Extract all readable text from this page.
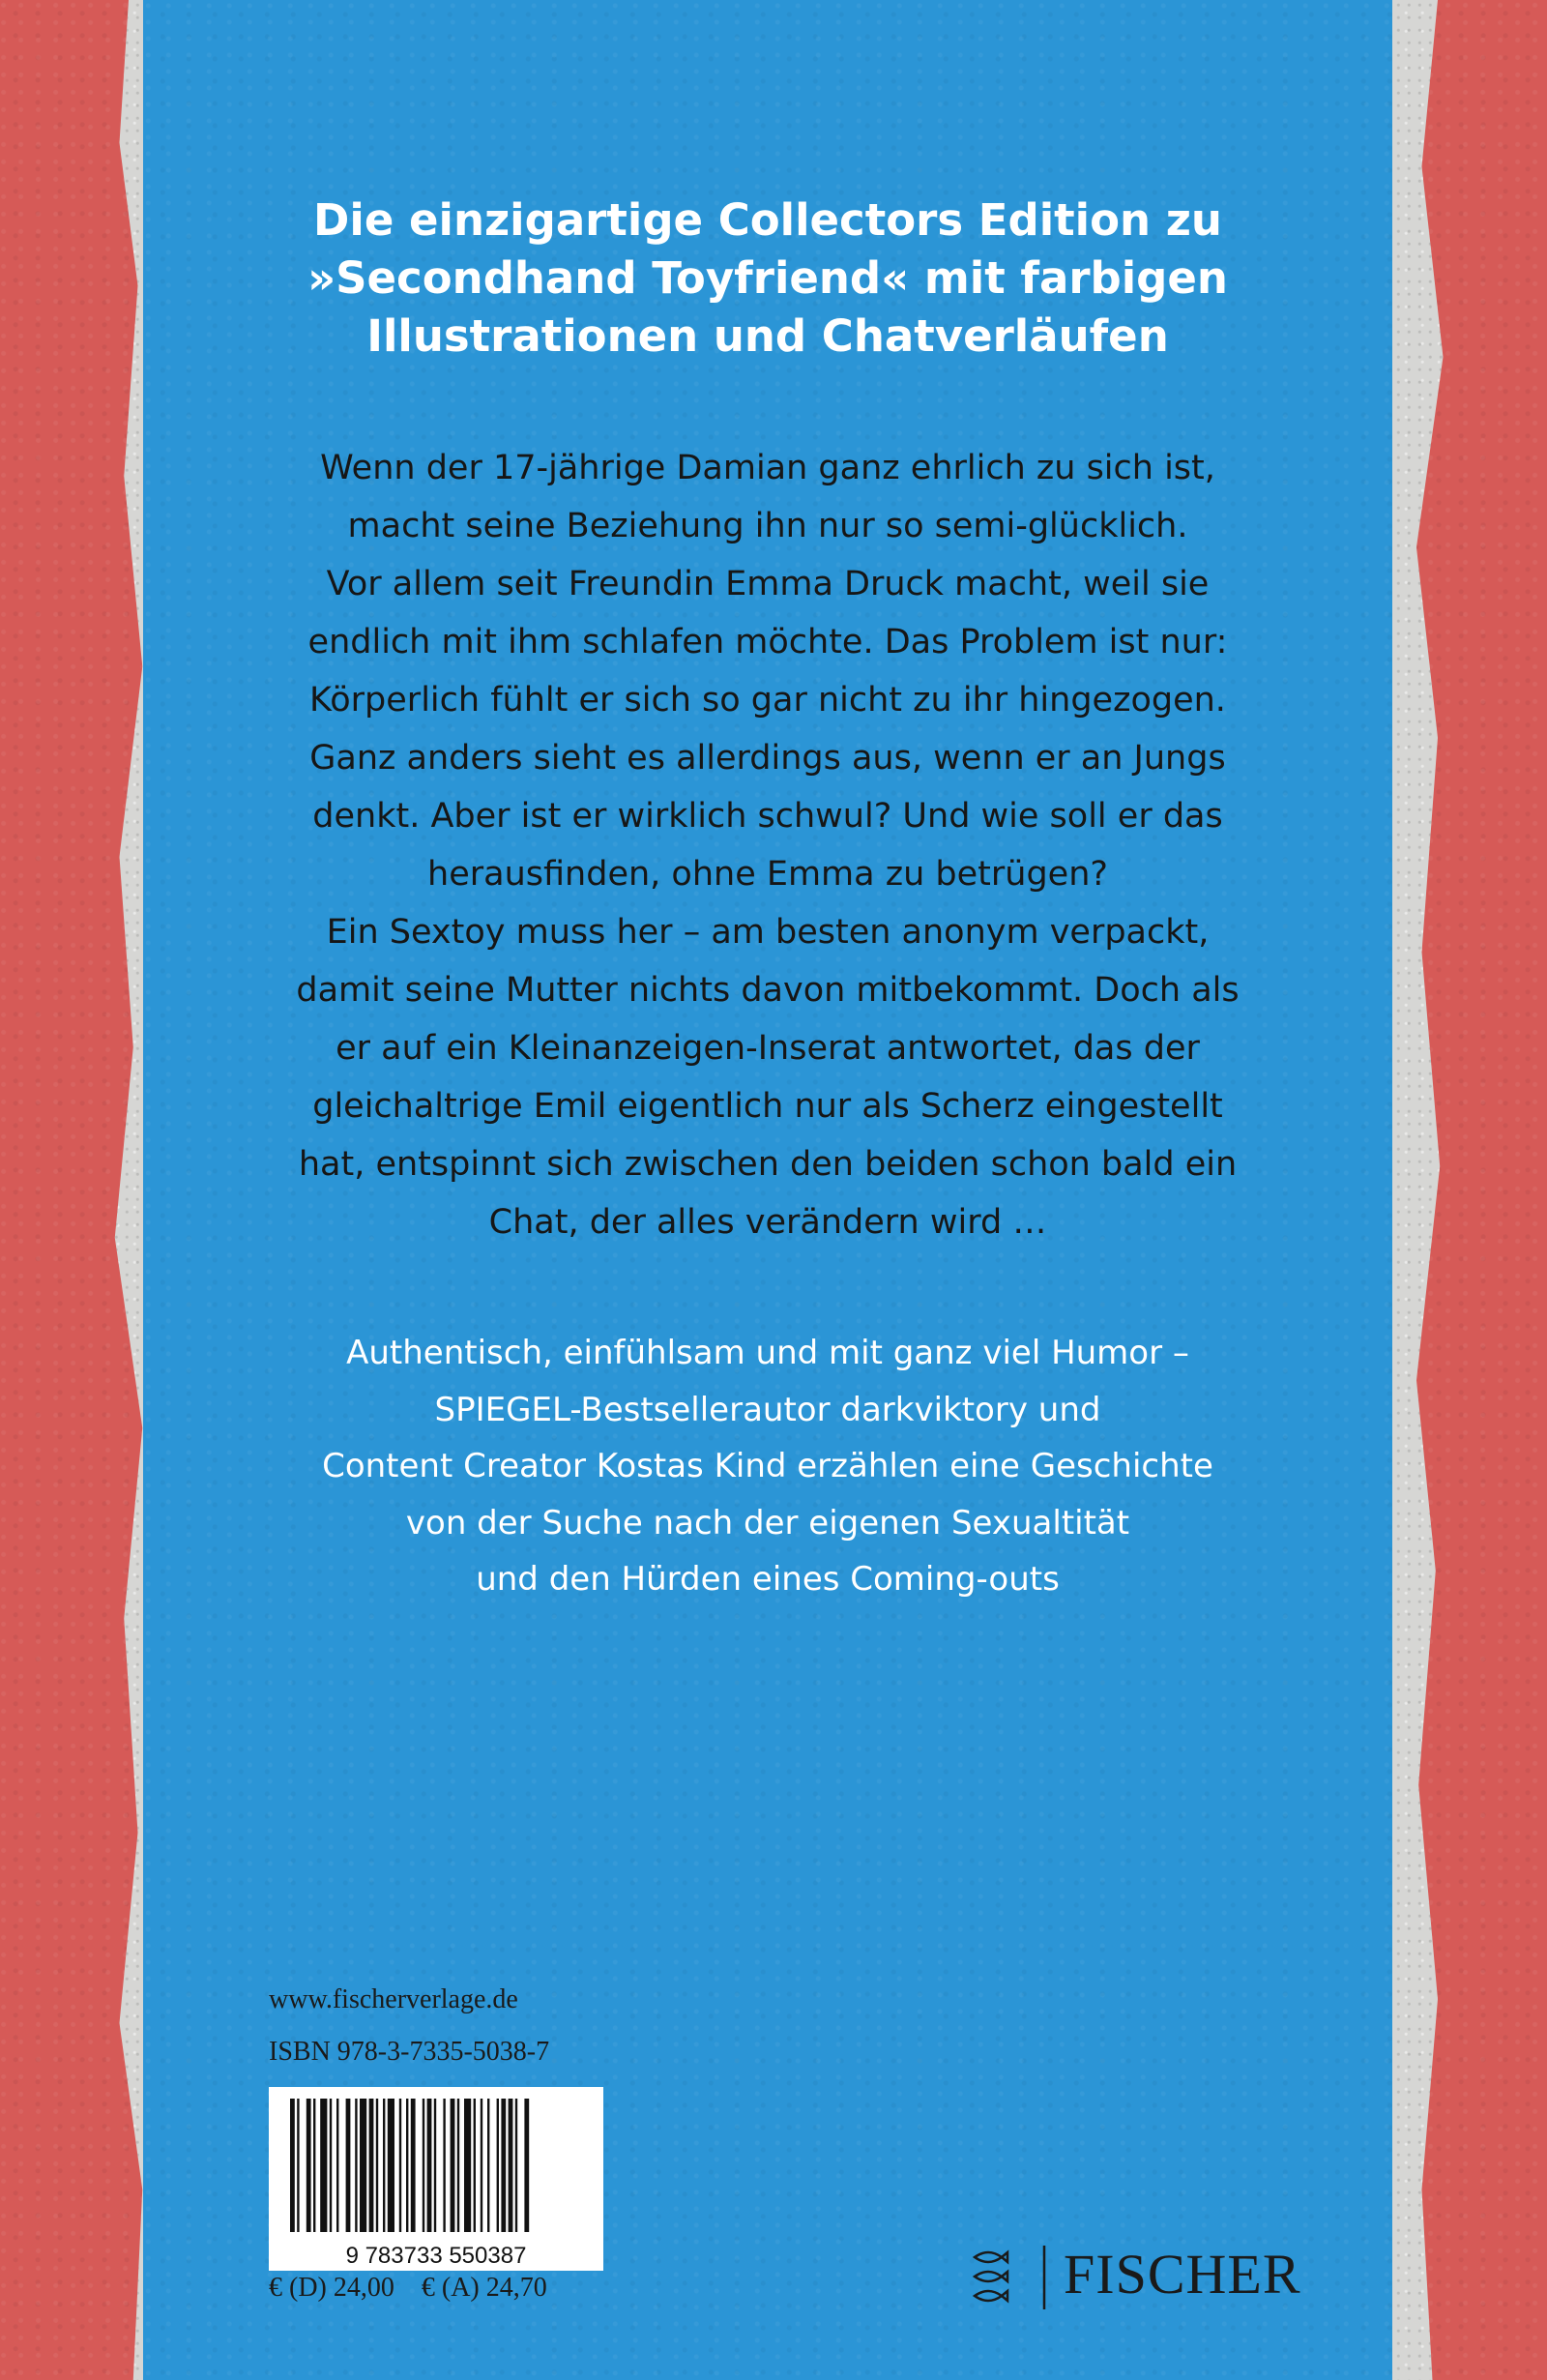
Die einzigartige Collectors Edition zu
»Secondhand Toyfriend« mit farbigen
Illustrationen und Chatverläufen
Wenn der 17-jährige Damian ganz ehrlich zu sich ist,
macht seine Beziehung ihn nur so semi-glücklich.
Vor allem seit Freundin Emma Druck macht, weil sie
endlich mit ihm schlafen möchte. Das Problem ist nur:
Körperlich fühlt er sich so gar nicht zu ihr hingezogen.
Ganz anders sieht es allerdings aus, wenn er an Jungs
denkt. Aber ist er wirklich schwul? Und wie soll er das
herausfinden, ohne Emma zu betrügen?
Ein Sextoy muss her – am besten anonym verpackt,
damit seine Mutter nichts davon mitbekommt. Doch als
er auf ein Kleinanzeigen-Inserat antwortet, das der
gleichaltrige Emil eigentlich nur als Scherz eingestellt
hat, entspinnt sich zwischen den beiden schon bald ein
Chat, der alles verändern wird …
Authentisch, einfühlsam und mit ganz viel Humor –
SPIEGEL-Bestsellerautor darkviktory und
Content Creator Kostas Kind erzählen eine Geschichte
von der Suche nach der eigenen Sexualtität
und den Hürden eines Coming-outs
www.fischerverlage.de
ISBN 978-3-7335-5038-7
9 783733 550387
€ (D) 24,00    € (A) 24,70	FISCHER
